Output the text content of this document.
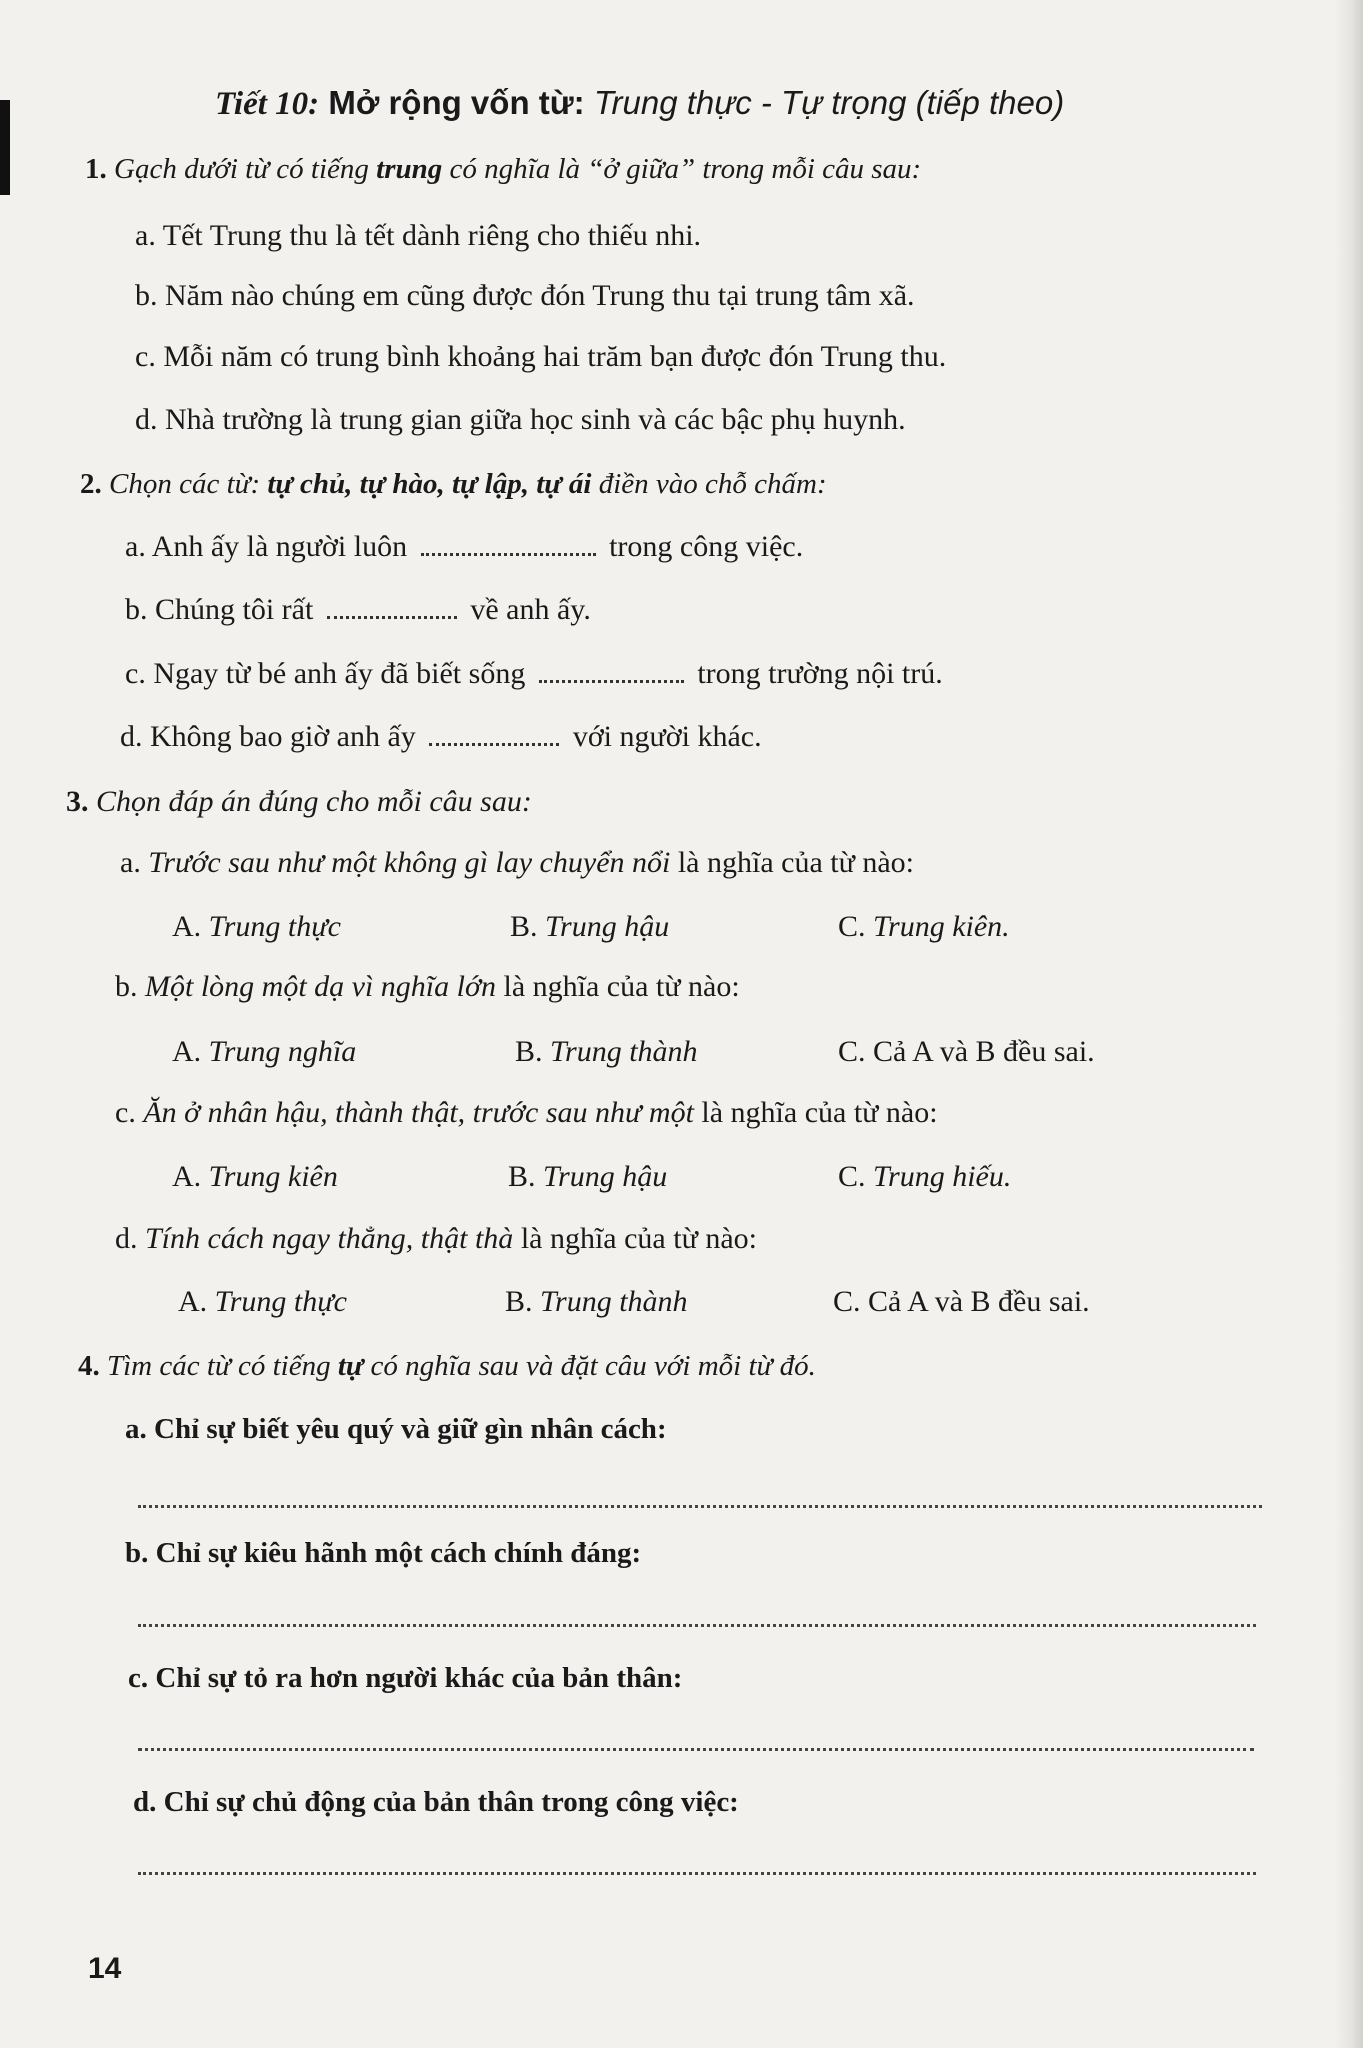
Tiết 10: Mở rộng vốn từ: Trung thực - Tự trọng (tiếp theo)
1. Gạch dưới từ có tiếng trung có nghĩa là “ở giữa” trong mỗi câu sau:
a. Tết Trung thu là tết dành riêng cho thiếu nhi.
b. Năm nào chúng em cũng được đón Trung thu tại trung tâm xã.
c. Mỗi năm có trung bình khoảng hai trăm bạn được đón Trung thu.
d. Nhà trường là trung gian giữa học sinh và các bậc phụ huynh.
2. Chọn các từ: tự chủ, tự hào, tự lập, tự ái điền vào chỗ chấm:
a. Anh ấy là người luôn	trong công việc.
b. Chúng tôi rất	về anh ấy.
c. Ngay từ bé anh ấy đã biết sống	trong trường nội trú.
d. Không bao giờ anh ấy	với người khác.
3. Chọn đáp án đúng cho mỗi câu sau:
a. Trước sau như một không gì lay chuyển nổi là nghĩa của từ nào:
A. Trung thực	B. Trung hậu	C. Trung kiên.
b. Một lòng một dạ vì nghĩa lớn là nghĩa của từ nào:
A. Trung nghĩa	B. Trung thành	C. Cả A và B đều sai.
c. Ăn ở nhân hậu, thành thật, trước sau như một là nghĩa của từ nào:
A. Trung kiên	B. Trung hậu	C. Trung hiếu.
d. Tính cách ngay thẳng, thật thà là nghĩa của từ nào:
A. Trung thực	B. Trung thành	C. Cả A và B đều sai.
4. Tìm các từ có tiếng tự có nghĩa sau và đặt câu với mỗi từ đó.
a. Chỉ sự biết yêu quý và giữ gìn nhân cách:
b. Chỉ sự kiêu hãnh một cách chính đáng:
c. Chỉ sự tỏ ra hơn người khác của bản thân:
d. Chỉ sự chủ động của bản thân trong công việc:
14
